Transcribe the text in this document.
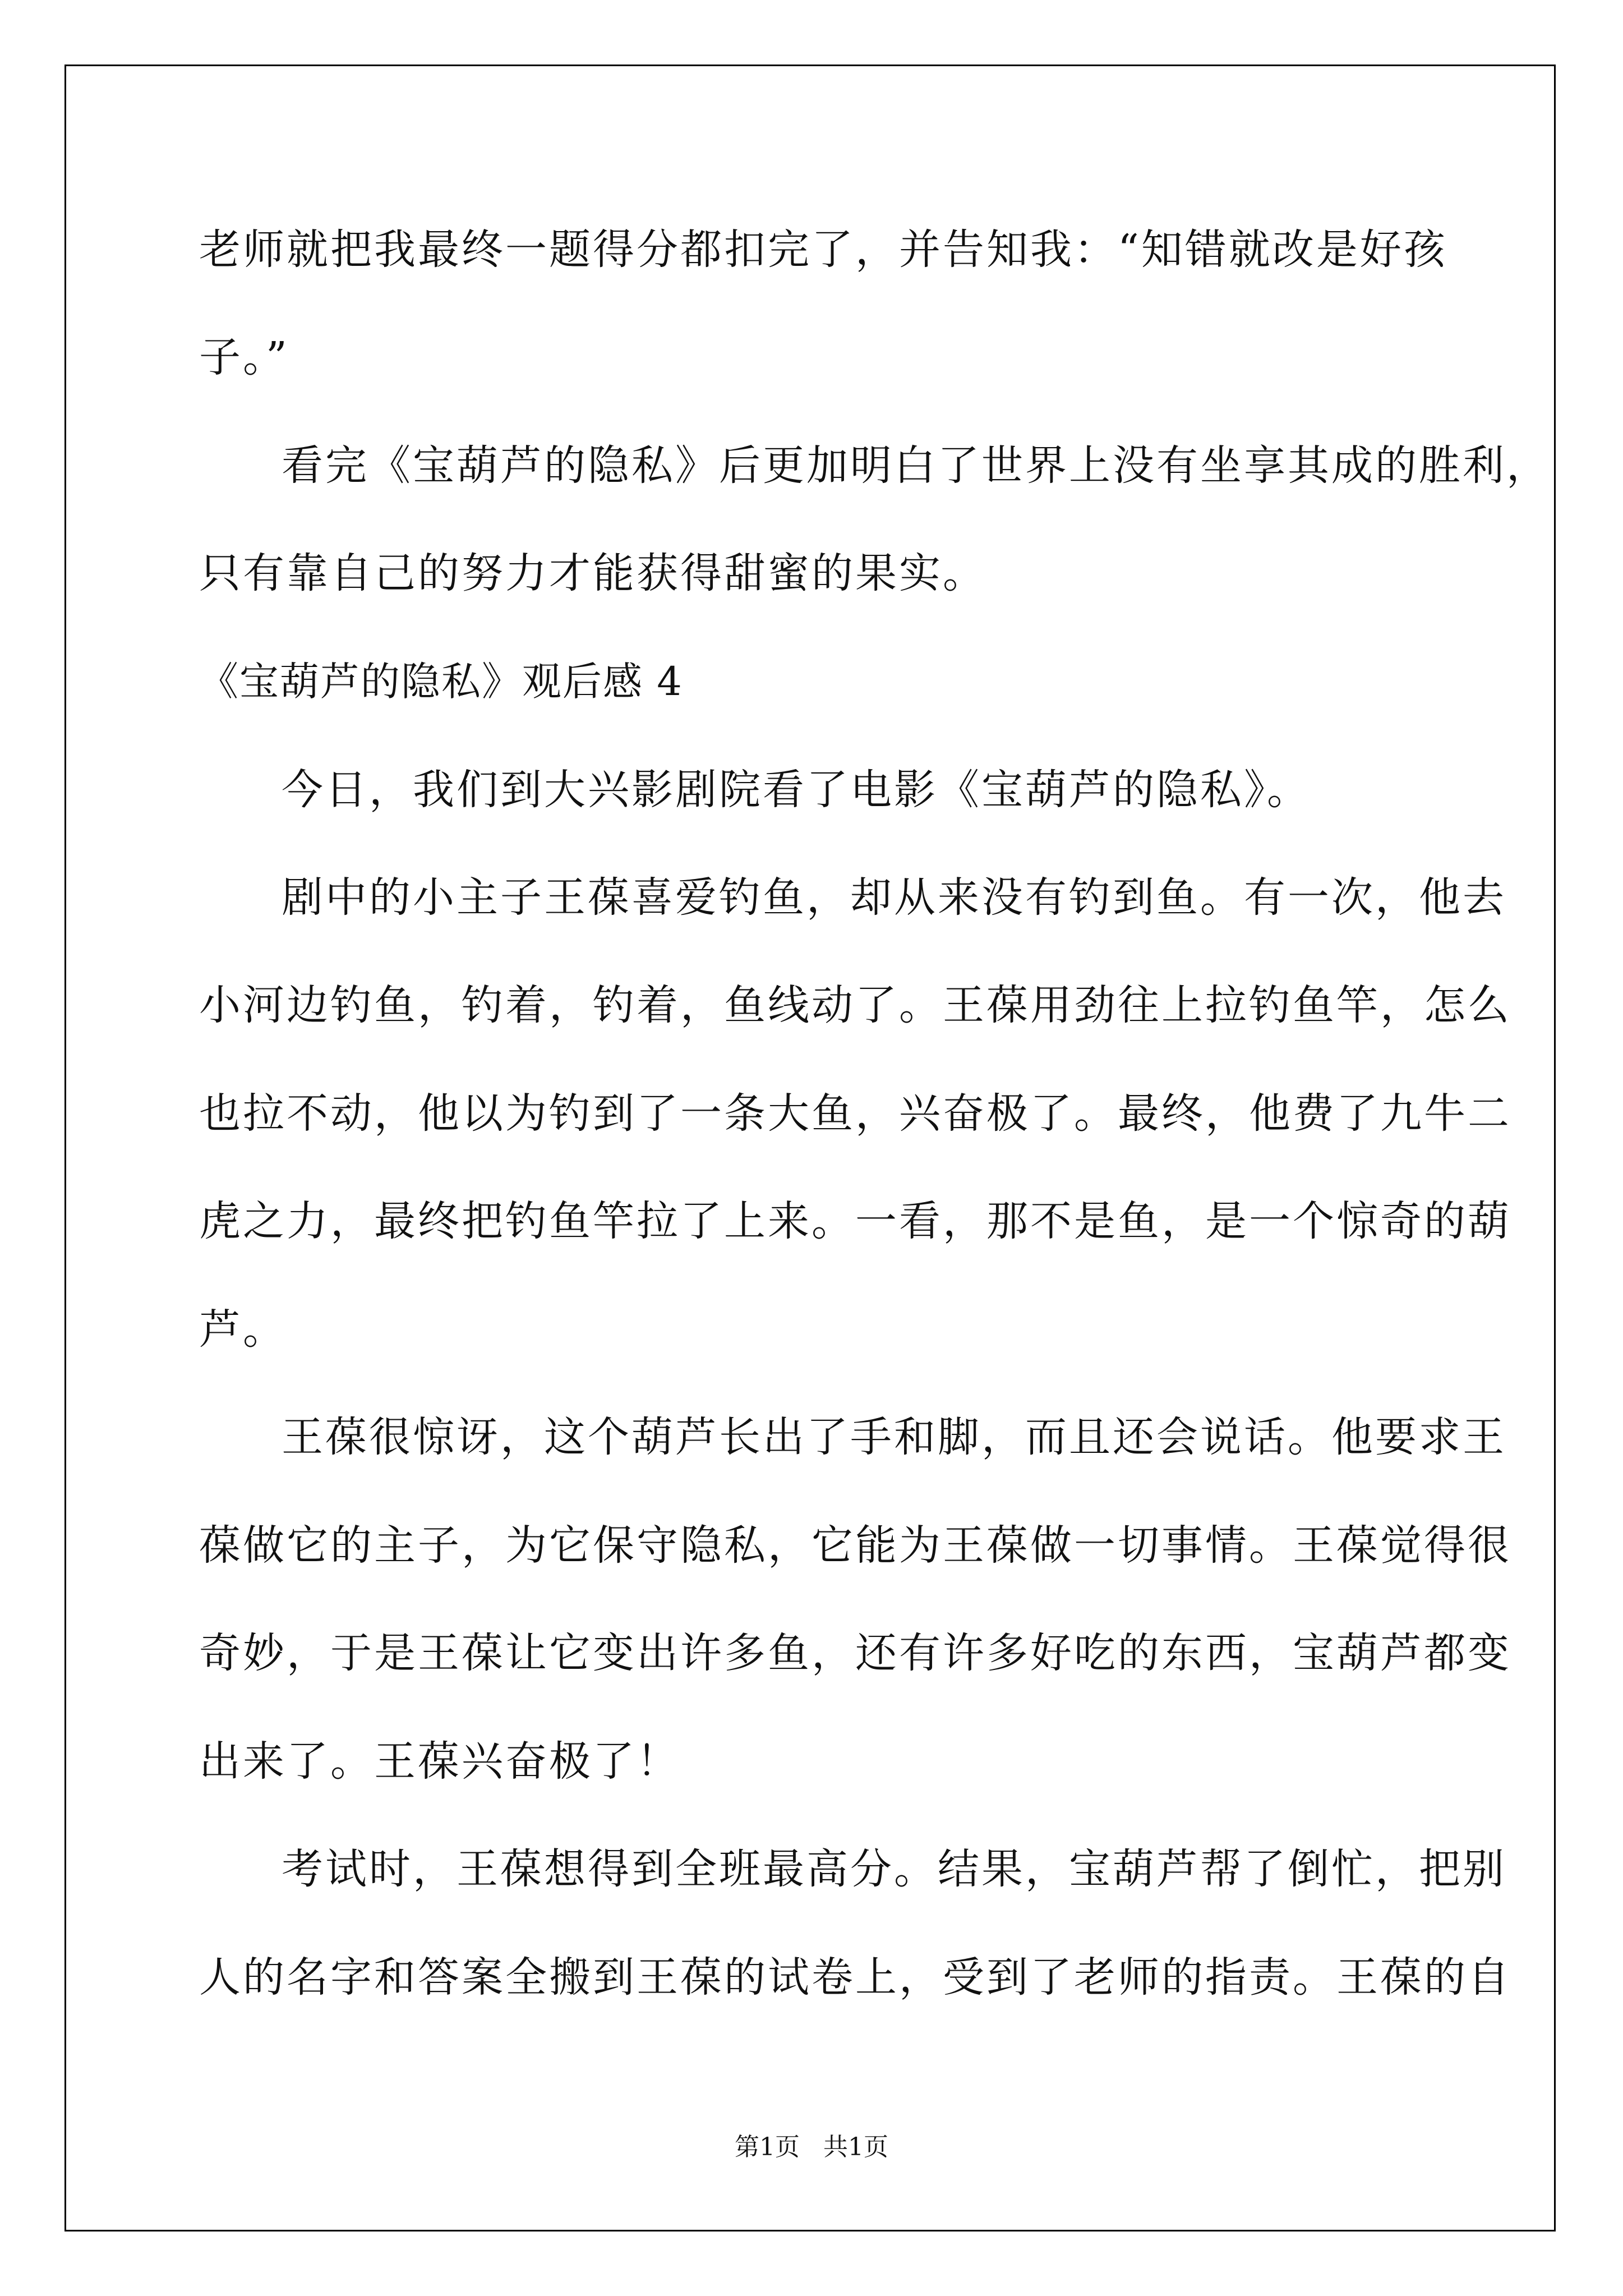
老师就把我最终一题得分都扣完了，并告知我：“知错就改是好孩
子。”
看完《宝葫芦的隐私》后更加明白了世界上没有坐享其成的胜利，
只有靠自己的努力才能获得甜蜜的果实。
《宝葫芦的隐私》观后感 4
今日，我们到大兴影剧院看了电影《宝葫芦的隐私》。
剧中的小主子王葆喜爱钓鱼，却从来没有钓到鱼。有一次，他去
小河边钓鱼，钓着，钓着，鱼线动了。王葆用劲往上拉钓鱼竿，怎么
也拉不动，他以为钓到了一条大鱼，兴奋极了。最终，他费了九牛二
虎之力，最终把钓鱼竿拉了上来。一看，那不是鱼，是一个惊奇的葫
芦。
王葆很惊讶，这个葫芦长出了手和脚，而且还会说话。他要求王
葆做它的主子，为它保守隐私，它能为王葆做一切事情。王葆觉得很
奇妙，于是王葆让它变出许多鱼，还有许多好吃的东西，宝葫芦都变
出来了。王葆兴奋极了！
考试时，王葆想得到全班最高分。结果，宝葫芦帮了倒忙，把别
人的名字和答案全搬到王葆的试卷上，受到了老师的指责。王葆的自
第1页   共1页
